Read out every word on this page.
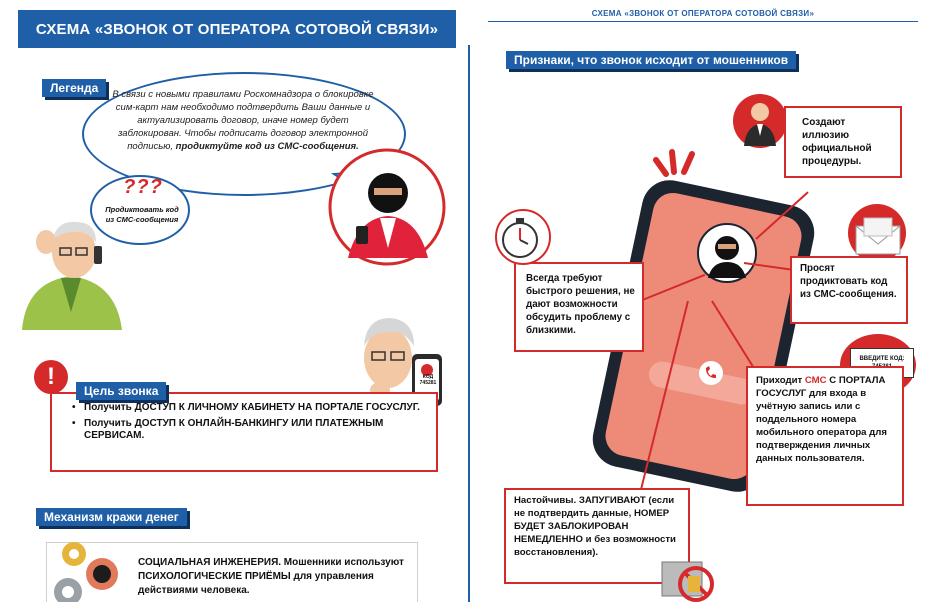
СХЕМА «ЗВОНОК ОТ ОПЕРАТОРА СОТОВОЙ СВЯЗИ»
Легенда	В связи с новыми правилами Роскомнадзора о блокировке сим-карт нам необходимо подтвердить Ваши данные и актуализировать договор, иначе номер будет заблокирован. Чтобы подписать договор электронной подписью, продиктуйте код из СМС-сообщения.
???
Продиктовать код из СМС-сообщения
КОД 745281
!
Цель звонка
• Получить ДОСТУП К ЛИЧНОМУ КАБИНЕТУ НА ПОРТАЛЕ ГОСУСЛУГ.
• Получить ДОСТУП К ОНЛАЙН-БАНКИНГУ ИЛИ ПЛАТЕЖНЫМ СЕРВИСАМ.
Механизм кражи денег
СОЦИАЛЬНАЯ ИНЖЕНЕРИЯ. Мошенники используют ПСИХОЛОГИЧЕСКИЕ ПРИЁМЫ для управления действиями человека.
СХЕМА «ЗВОНОК ОТ ОПЕРАТОРА СОТОВОЙ СВЯЗИ»
Признаки, что звонок исходит от мошенников
Создают иллюзию официальной процедуры.
Всегда требуют быстрого решения, не дают возможности обсудить проблему с близкими.
Просят продиктовать код из СМС-сообщения.
ВВЕДИТЕ КОД:
Приходит СМС С ПОРТАЛА ГОСУСЛУГ для входа в учётную запись или с поддельного номера мобильного оператора для подтверждения личных данных пользователя.
Настойчивы. ЗАПУГИВАЮТ (если не подтвердить данные, НОМЕР БУДЕТ ЗАБЛОКИРОВАН НЕМЕДЛЕННО и без возможности восстановления).
